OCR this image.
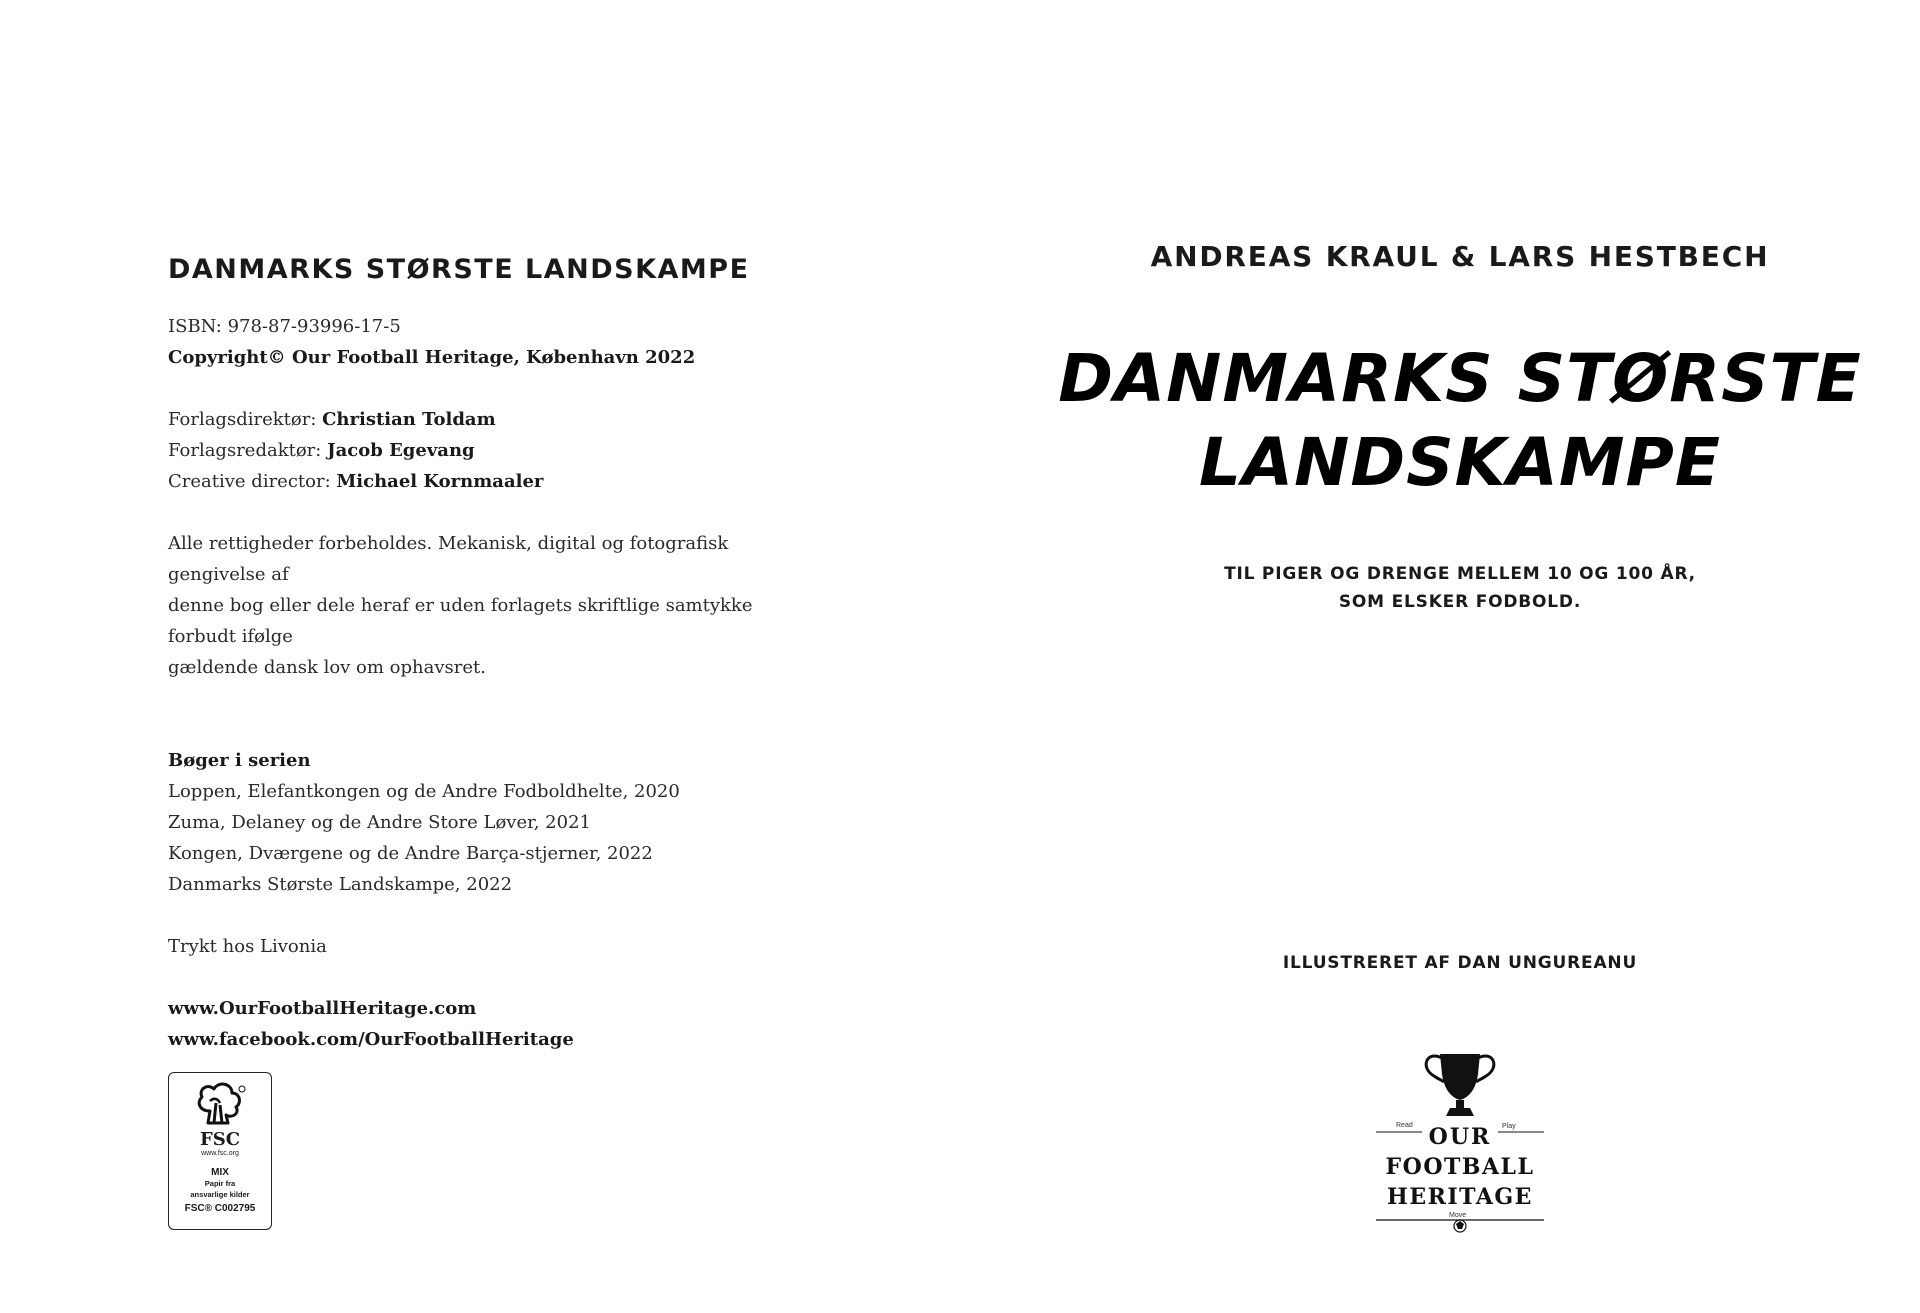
DANMARKS STØRSTE LANDSKAMPE

ISBN: 978-87-93996-17-5

Copyright© Our Football Heritage, København 2022

Forlagsdirektør: Christian Toldam

Forlagsredaktør: Jacob Egevang

Creative director: Michael Kornmaaler

Alle rettigheder forbeholdes. Mekanisk, digital og fotografisk gengivelse af

denne bog eller dele heraf er uden forlagets skriftlige samtykke forbudt ifølge

gældende dansk lov om ophavsret.

Bøger i serien

Loppen, Elefantkongen og de Andre Fodboldhelte, 2020

Zuma, Delaney og de Andre Store Løver, 2021

Kongen, Dværgene og de Andre Barça-stjerner, 2022

Danmarks Største Landskampe, 2022

Trykt hos Livonia

www.OurFootballHeritage.com

www.facebook.com/OurFootballHeritage

FSC
www.fsc.org
MIX
Papir fra
ansvarlige kilder
FSC® C002795
ANDREAS KRAUL & LARS HESTBECH
DANMARKS STØRSTE
LANDSKAMPE
TIL PIGER OG DRENGE MELLEM 10 OG 100 ÅR,
SOM ELSKER FODBOLD.
ILLUSTRERET AF DAN UNGUREANU
Read	Play
OUR
FOOTBALL
HERITAGE
Move
